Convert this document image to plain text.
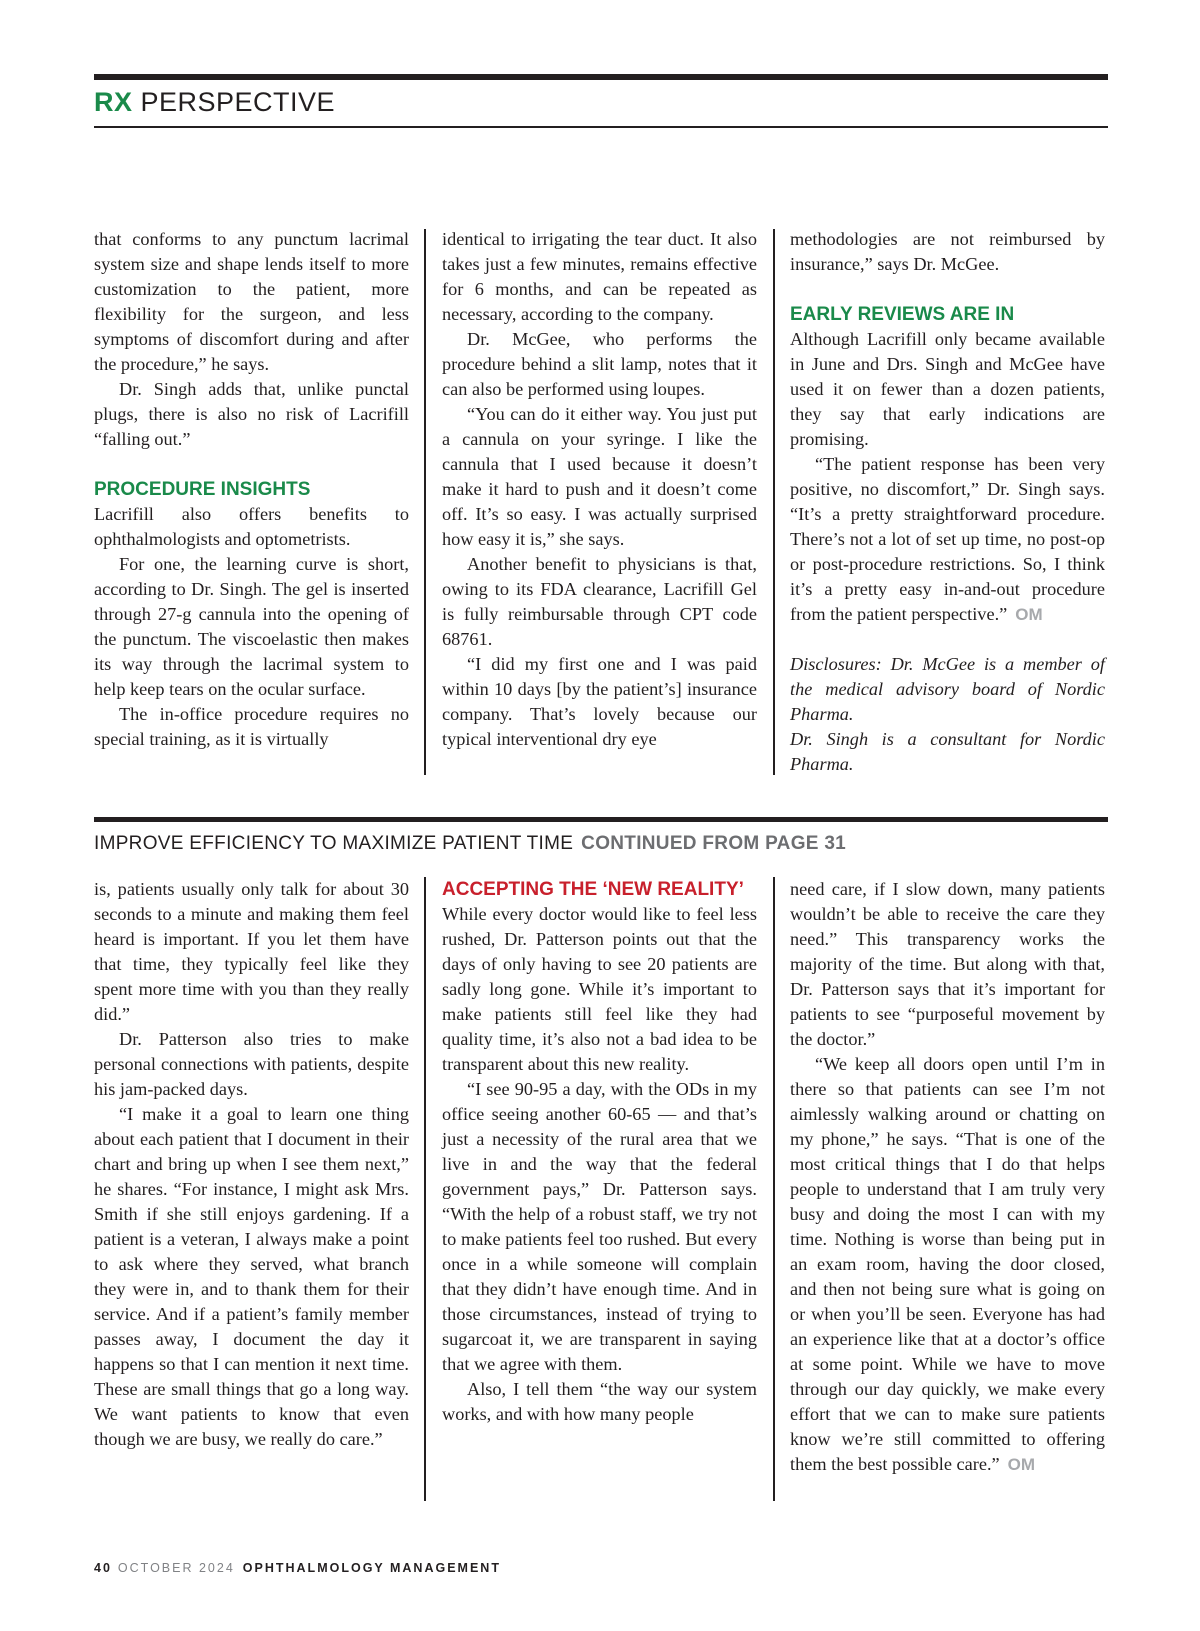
RX PERSPECTIVE

that conforms to any punctum lacrimal system size and shape lends itself to more customization to the patient, more flexibility for the surgeon, and less symptoms of discomfort during and after the procedure,” he says.

Dr. Singh adds that, unlike punctal plugs, there is also no risk of Lacrifill “falling out.”

PROCEDURE INSIGHTS

Lacrifill also offers benefits to ophthalmologists and optometrists.

For one, the learning curve is short, according to Dr. Singh. The gel is inserted through 27-g cannula into the opening of the punctum. The viscoelastic then makes its way through the lacrimal system to help keep tears on the ocular surface.

The in-office procedure requires no special training, as it is virtually

identical to irrigating the tear duct. It also takes just a few minutes, remains effective for 6 months, and can be repeated as necessary, according to the company.

Dr. McGee, who performs the procedure behind a slit lamp, notes that it can also be performed using loupes.

“You can do it either way. You just put a cannula on your syringe. I like the cannula that I used because it doesn’t make it hard to push and it doesn’t come off. It’s so easy. I was actually surprised how easy it is,” she says.

Another benefit to physicians is that, owing to its FDA clearance, Lacrifill Gel is fully reimbursable through CPT code 68761.

“I did my first one and I was paid within 10 days [by the patient’s] insurance company. That’s lovely because our typical interventional dry eye

methodologies are not reimbursed by insurance,” says Dr. McGee.

EARLY REVIEWS ARE IN

Although Lacrifill only became available in June and Drs. Singh and McGee have used it on fewer than a dozen patients, they say that early indications are promising.

“The patient response has been very positive, no discomfort,” Dr. Singh says. “It’s a pretty straightforward procedure. There’s not a lot of set up time, no post-op or post-procedure restrictions. So, I think it’s a pretty easy in-and-out procedure from the patient perspective.” OM

Disclosures: Dr. McGee is a member of the medical advisory board of Nordic Pharma.

Dr. Singh is a consultant for Nordic Pharma.

IMPROVE EFFICIENCY TO MAXIMIZE PATIENT TIME CONTINUED FROM PAGE 31

is, patients usually only talk for about 30 seconds to a minute and making them feel heard is important. If you let them have that time, they typically feel like they spent more time with you than they really did.”

Dr. Patterson also tries to make personal connections with patients, despite his jam-packed days.

“I make it a goal to learn one thing about each patient that I document in their chart and bring up when I see them next,” he shares. “For instance, I might ask Mrs. Smith if she still enjoys gardening. If a patient is a veteran, I always make a point to ask where they served, what branch they were in, and to thank them for their service. And if a patient’s family member passes away, I document the day it happens so that I can mention it next time. These are small things that go a long way. We want patients to know that even though we are busy, we really do care.”

ACCEPTING THE ‘NEW REALITY’

While every doctor would like to feel less rushed, Dr. Patterson points out that the days of only having to see 20 patients are sadly long gone. While it’s important to make patients still feel like they had quality time, it’s also not a bad idea to be transparent about this new reality.

“I see 90-95 a day, with the ODs in my office seeing another 60-65 — and that’s just a necessity of the rural area that we live in and the way that the federal government pays,” Dr. Patterson says. “With the help of a robust staff, we try not to make patients feel too rushed. But every once in a while someone will complain that they didn’t have enough time. And in those circumstances, instead of trying to sugarcoat it, we are transparent in saying that we agree with them.

Also, I tell them “the way our system works, and with how many people

need care, if I slow down, many patients wouldn’t be able to receive the care they need.” This transparency works the majority of the time. But along with that, Dr. Patterson says that it’s important for patients to see “purposeful movement by the doctor.”

“We keep all doors open until I’m in there so that patients can see I’m not aimlessly walking around or chatting on my phone,” he says. “That is one of the most critical things that I do that helps people to understand that I am truly very busy and doing the most I can with my time. Nothing is worse than being put in an exam room, having the door closed, and then not being sure what is going on or when you’ll be seen. Everyone has had an experience like that at a doctor’s office at some point. While we have to move through our day quickly, we make every effort that we can to make sure patients know we’re still committed to offering them the best possible care.” OM

40 OCTOBER 2024 OPHTHALMOLOGY MANAGEMENT
